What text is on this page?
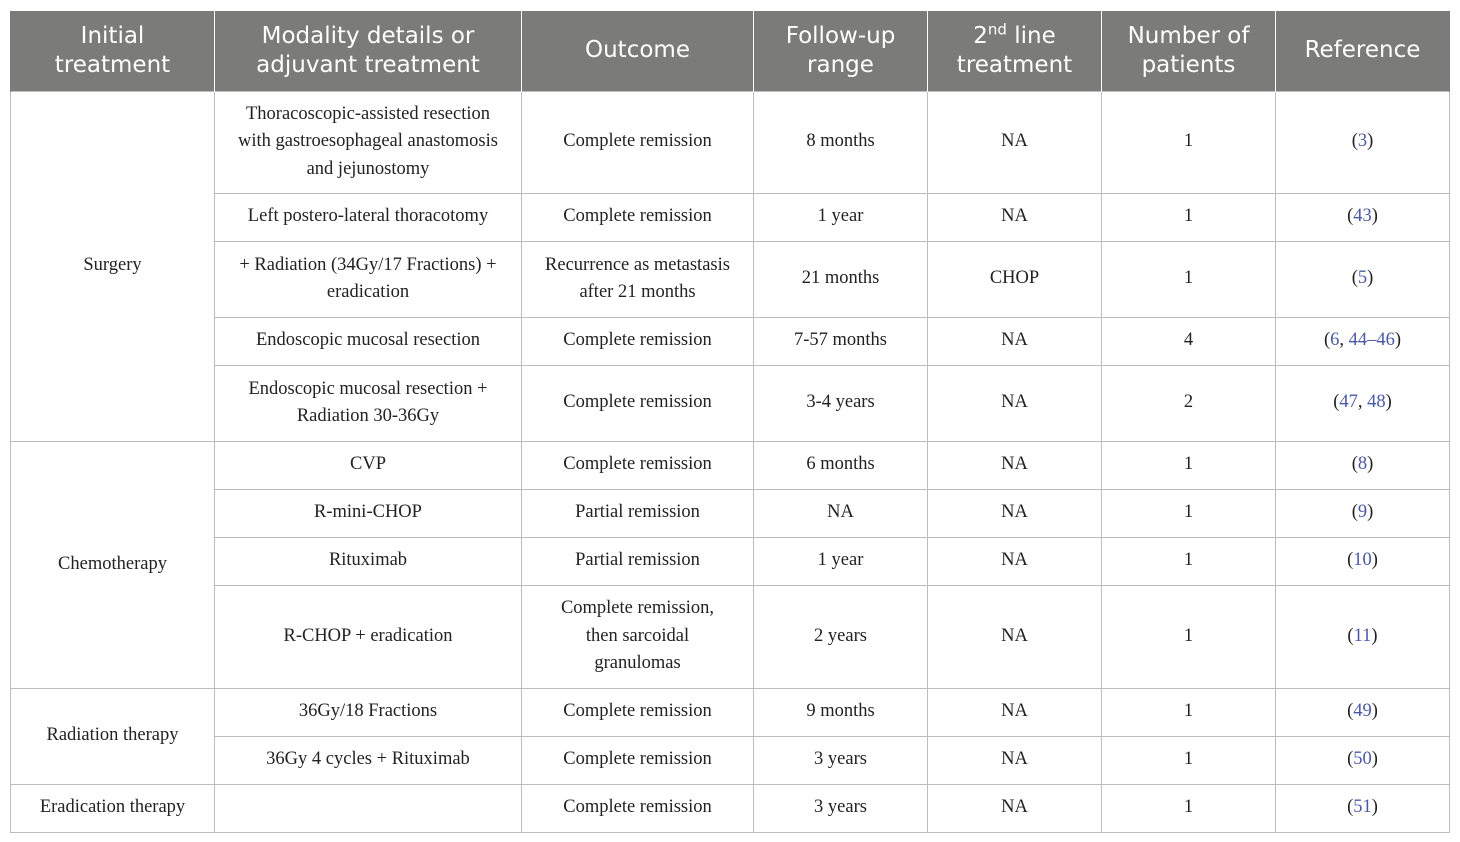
Initial treatment	Modality details or adjuvant treatment	Outcome	Follow-up range	2nd line treatment	Number of patients	Reference
Surgery	Thoracoscopic-assisted resection with gastroesophageal anastomosis and jejunostomy	Complete remission	8 months	NA	1	(3)
	Left postero-lateral thoracotomy	Complete remission	1 year	NA	1	(43)

	+ Radiation (34Gy/17 Fractions) + eradication	Recurrence as metastasis after 21 months	21 months	CHOP	1	(5)
	Endoscopic mucosal resection	Complete remission	7-57 months	NA	4	(6, 44–46)

	Endoscopic mucosal resection + Radiation 30-36Gy	Complete remission	3-4 years	NA	2	(47, 48)
Chemotherapy	CVP	Complete remission	6 months	NA	1	(8)
	R-mini-CHOP	Partial remission	NA	NA	1	(9)
	Rituximab	Partial remission	1 year	NA	1	(10)
	R-CHOP + eradication	Complete remission, then sarcoidal granulomas	2 years	NA	1	(11)
Radiation therapy	36Gy/18 Fractions	Complete remission	9 months	NA	1	(49)
	36Gy 4 cycles + Rituximab	Complete remission	3 years	NA	1	(50)
Eradication therapy		Complete remission	3 years	NA	1	(51)
